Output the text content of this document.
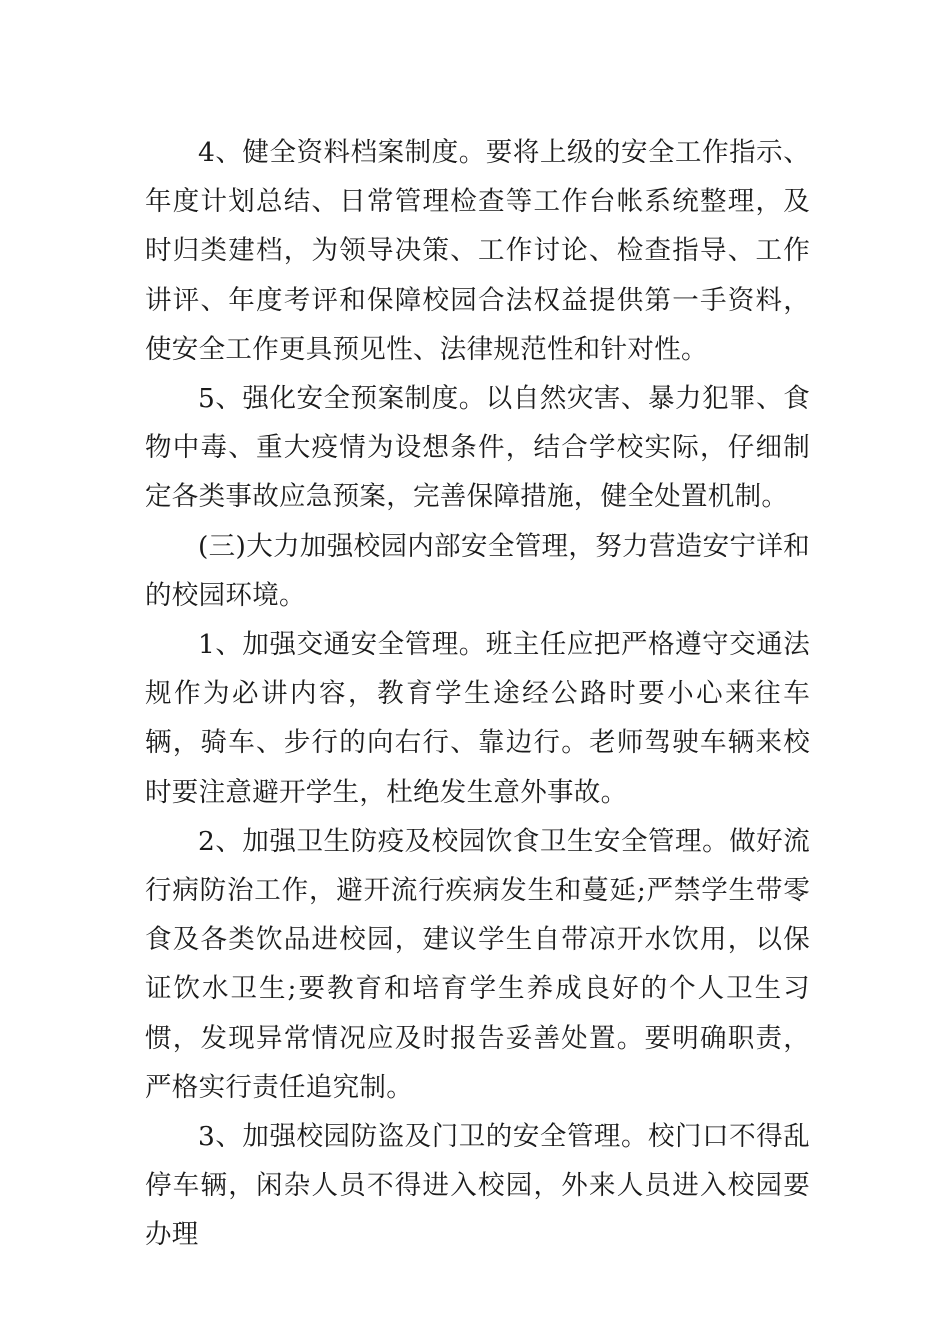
4、健全资料档案制度。要将上级的安全工作指示、年度计划总结、日常管理检查等工作台帐系统整理，及时归类建档，为领导决策、工作讨论、检查指导、工作讲评、年度考评和保障校园合法权益提供第一手资料，使安全工作更具预见性、法律规范性和针对性。

5、强化安全预案制度。以自然灾害、暴力犯罪、食物中毒、重大疫情为设想条件，结合学校实际，仔细制定各类事故应急预案，完善保障措施，健全处置机制。

(三)大力加强校园内部安全管理，努力营造安宁详和的校园环境。

1、加强交通安全管理。班主任应把严格遵守交通法规作为必讲内容，教育学生途经公路时要小心来往车辆，骑车、步行的向右行、靠边行。老师驾驶车辆来校时要注意避开学生，杜绝发生意外事故。

2、加强卫生防疫及校园饮食卫生安全管理。做好流行病防治工作，避开流行疾病发生和蔓延;严禁学生带零食及各类饮品进校园，建议学生自带凉开水饮用，以保证饮水卫生;要教育和培育学生养成良好的个人卫生习惯，发现异常情况应及时报告妥善处置。要明确职责，严格实行责任追究制。

3、加强校园防盗及门卫的安全管理。校门口不得乱停车辆，闲杂人员不得进入校园，外来人员进入校园要办理
